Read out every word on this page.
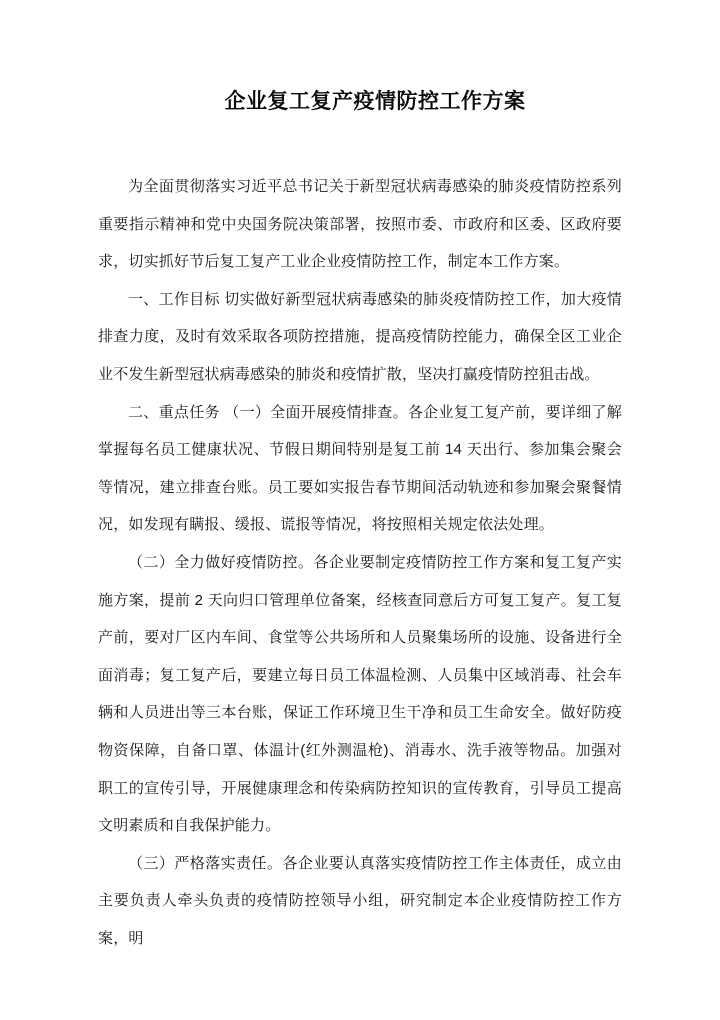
企业复工复产疫情防控工作方案

为全面贯彻落实习近平总书记关于新型冠状病毒感染的肺炎疫情防控系列重要指示精神和党中央国务院决策部署，按照市委、市政府和区委、区政府要求，切实抓好节后复工复产工业企业疫情防控工作，制定本工作方案。

一、工作目标 切实做好新型冠状病毒感染的肺炎疫情防控工作，加大疫情排查力度，及时有效采取各项防控措施，提高疫情防控能力，确保全区工业企业不发生新型冠状病毒感染的肺炎和疫情扩散，坚决打赢疫情防控狙击战。

二、重点任务 （一）全面开展疫情排查。各企业复工复产前，要详细了解掌握每名员工健康状况、节假日期间特别是复工前 14 天出行、参加集会聚会等情况，建立排查台账。员工要如实报告春节期间活动轨迹和参加聚会聚餐情况，如发现有瞒报、缓报、谎报等情况，将按照相关规定依法处理。

（二）全力做好疫情防控。各企业要制定疫情防控工作方案和复工复产实施方案，提前 2 天向归口管理单位备案，经核查同意后方可复工复产。复工复产前，要对厂区内车间、食堂等公共场所和人员聚集场所的设施、设备进行全面消毒；复工复产后，要建立每日员工体温检测、人员集中区域消毒、社会车辆和人员进出等三本台账，保证工作环境卫生干净和员工生命安全。做好防疫物资保障，自备口罩、体温计(红外测温枪)、消毒水、洗手液等物品。加强对职工的宣传引导，开展健康理念和传染病防控知识的宣传教育，引导员工提高文明素质和自我保护能力。

（三）严格落实责任。各企业要认真落实疫情防控工作主体责任，成立由主要负责人牵头负责的疫情防控领导小组，研究制定本企业疫情防控工作方案，明
